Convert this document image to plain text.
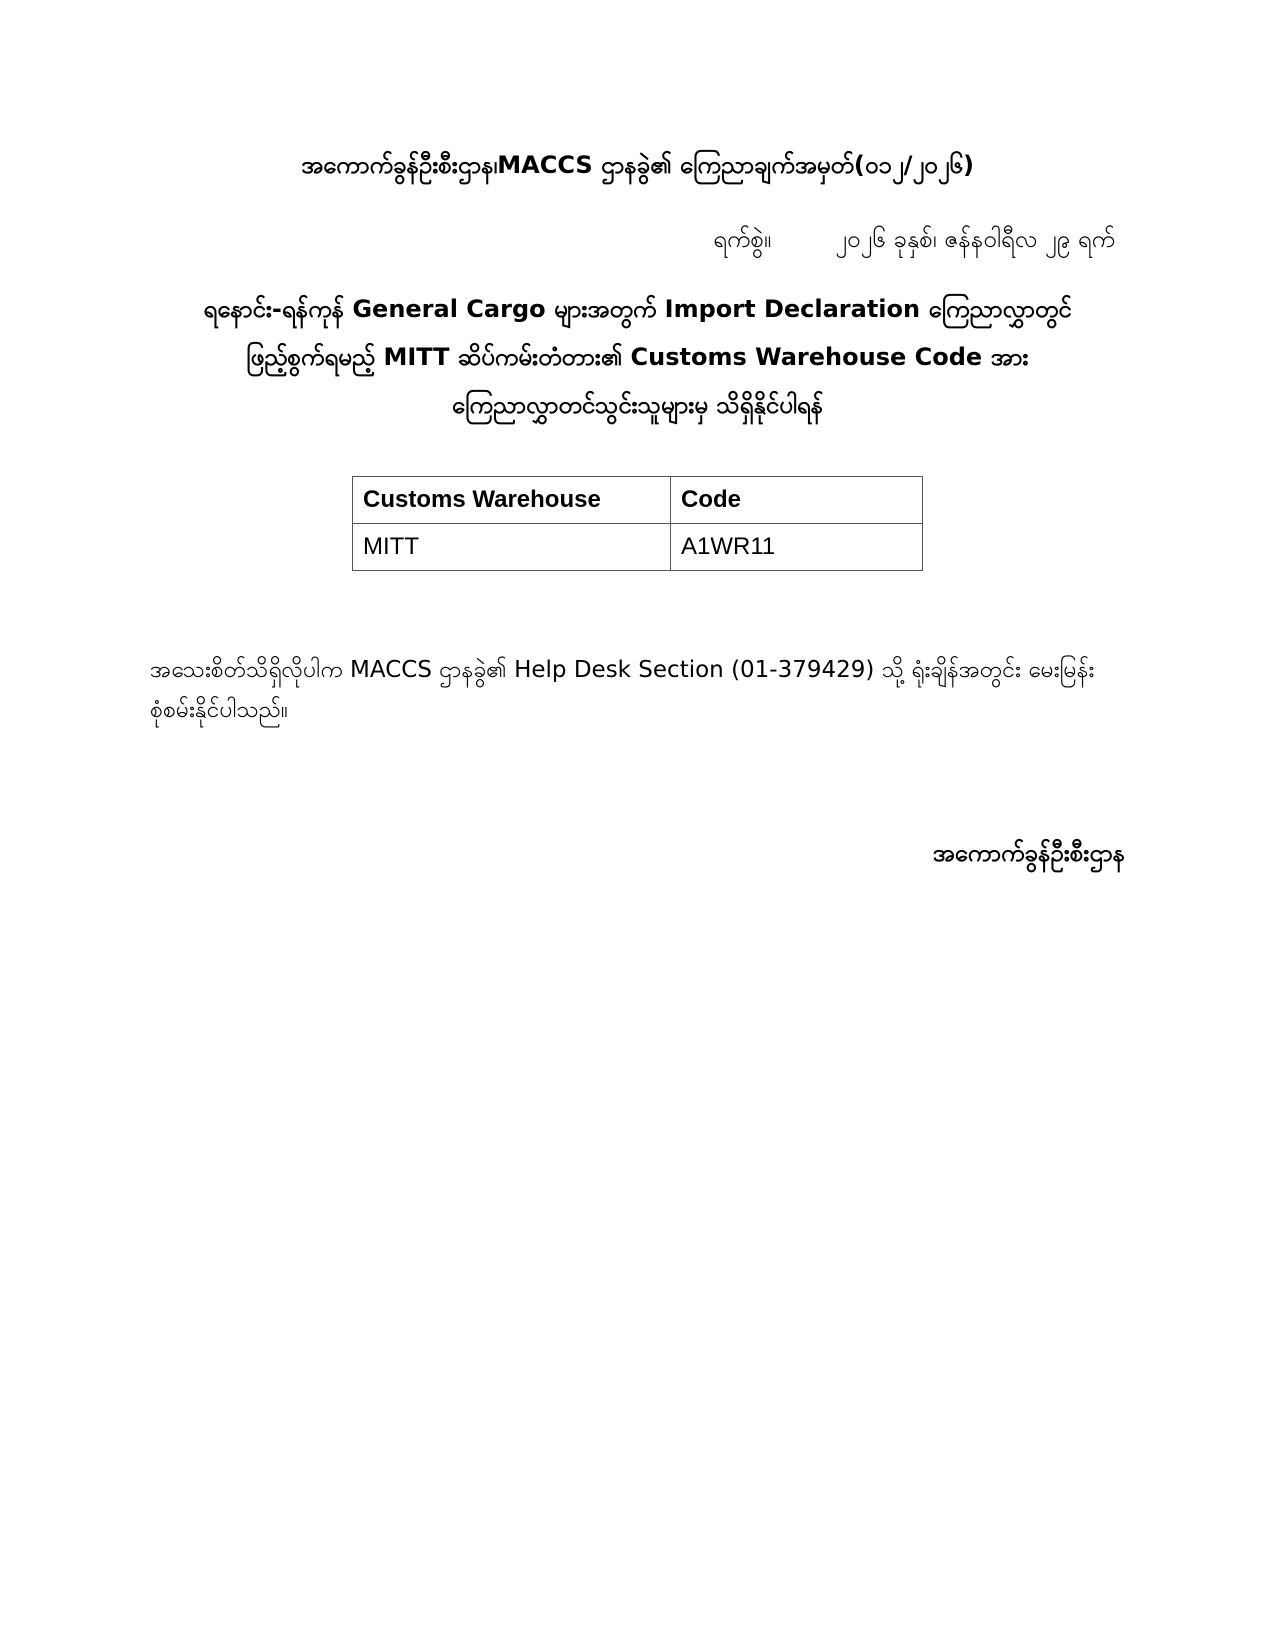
အကောက်ခွန်ဦးစီးဌာန၊MACCS ဌာနခွဲ၏ ကြေညာချက်အမှတ်(၀၁၂/၂၀၂၆)
ရက်စွဲ။	၂၀၂၆ ခုနှစ်၊ ဇန်နဝါရီလ ၂၉ ရက်
ရနောင်း-ရန်ကုန် General Cargo များအတွက် Import Declaration ကြေညာလွှာတွင်
ဖြည့်စွက်ရမည့် MITT ဆိပ်ကမ်းတံတား၏ Customs Warehouse Code အား
ကြေညာလွှာတင်သွင်းသူများမှ သိရှိနိုင်ပါရန်
Customs Warehouse	Code
MITT	A1WR11
အသေးစိတ်သိရှိလိုပါက MACCS ဌာနခွဲ၏ Help Desk Section (01-379429) သို့ ရုံးချိန်အတွင်း မေးမြန်းစုံစမ်းနိုင်ပါသည်။
အကောက်ခွန်ဦးစီးဌာန
